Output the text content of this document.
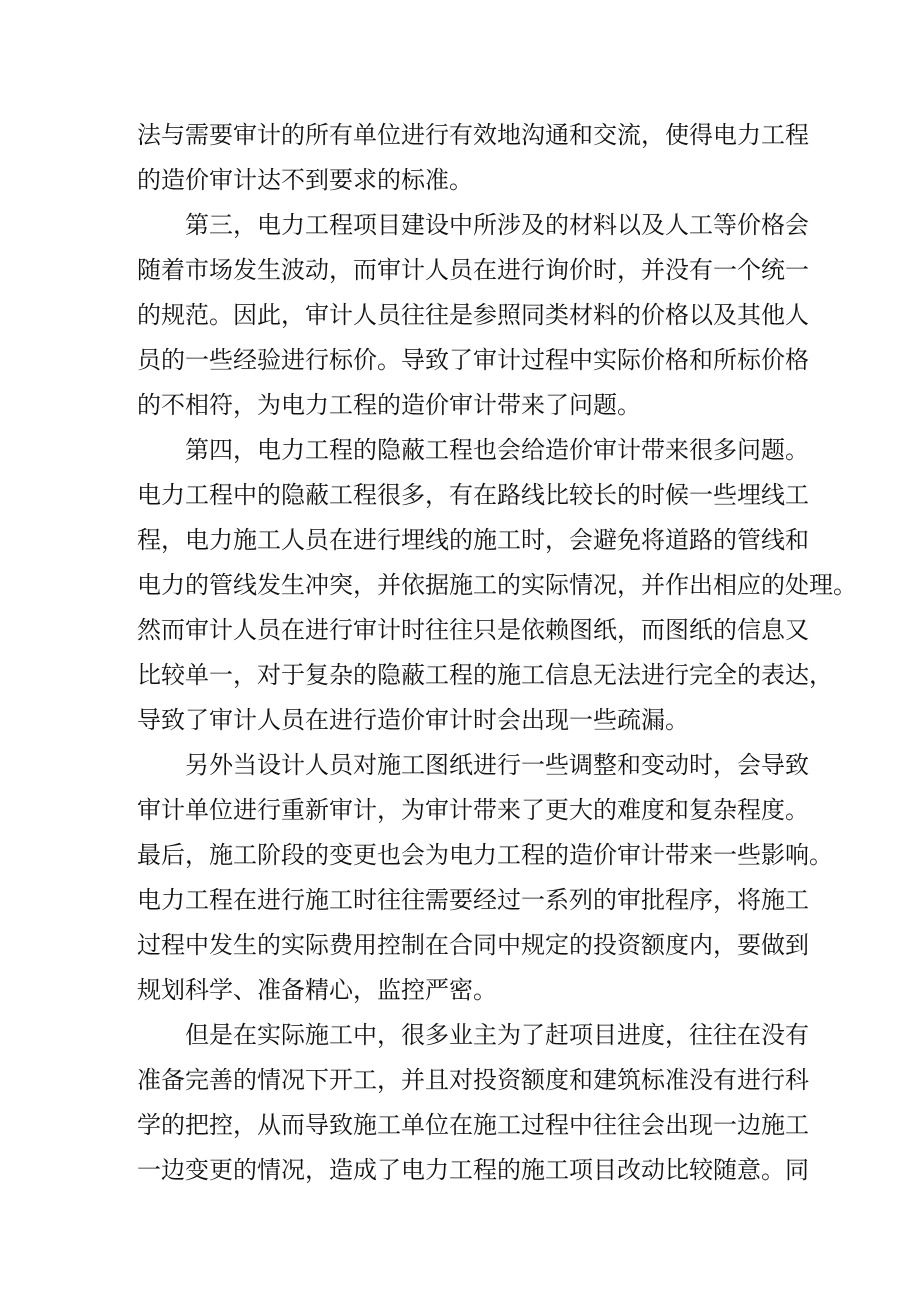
法与需要审计的所有单位进行有效地沟通和交流，使得电力工程
的造价审计达不到要求的标准。
第三，电力工程项目建设中所涉及的材料以及人工等价格会
随着市场发生波动，而审计人员在进行询价时，并没有一个统一
的规范。因此，审计人员往往是参照同类材料的价格以及其他人
员的一些经验进行标价。导致了审计过程中实际价格和所标价格
的不相符，为电力工程的造价审计带来了问题。
第四，电力工程的隐蔽工程也会给造价审计带来很多问题。
电力工程中的隐蔽工程很多，有在路线比较长的时候一些埋线工
程，电力施工人员在进行埋线的施工时，会避免将道路的管线和
电力的管线发生冲突，并依据施工的实际情况，并作出相应的处理。
然而审计人员在进行审计时往往只是依赖图纸，而图纸的信息又
比较单一，对于复杂的隐蔽工程的施工信息无法进行完全的表达，
导致了审计人员在进行造价审计时会出现一些疏漏。
另外当设计人员对施工图纸进行一些调整和变动时，会导致
审计单位进行重新审计，为审计带来了更大的难度和复杂程度。
最后，施工阶段的变更也会为电力工程的造价审计带来一些影响。
电力工程在进行施工时往往需要经过一系列的审批程序，将施工
过程中发生的实际费用控制在合同中规定的投资额度内，要做到
规划科学、准备精心，监控严密。
但是在实际施工中，很多业主为了赶项目进度，往往在没有
准备完善的情况下开工，并且对投资额度和建筑标准没有进行科
学的把控，从而导致施工单位在施工过程中往往会出现一边施工
一边变更的情况，造成了电力工程的施工项目改动比较随意。同
